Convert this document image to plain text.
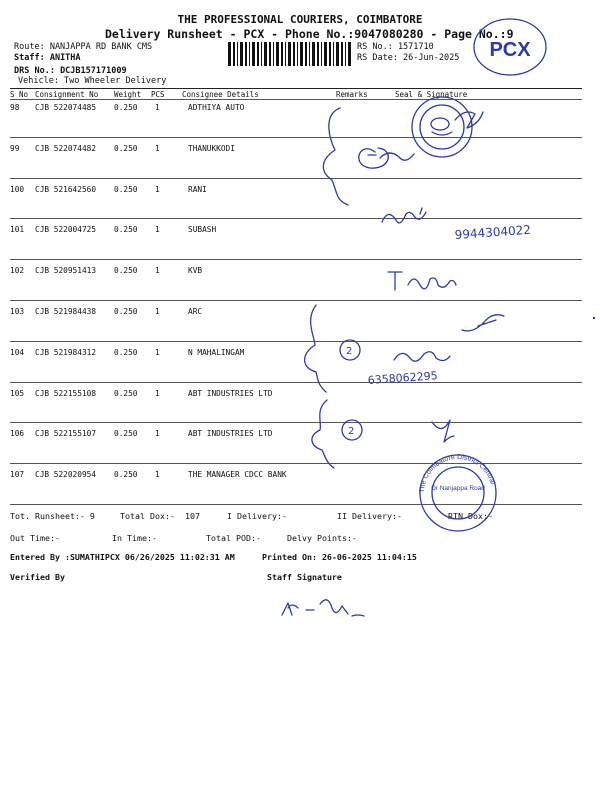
THE PROFESSIONAL COURIERS, COIMBATORE
Delivery Runsheet - PCX - Phone No.:9047080280 - Page No.:9
Route: NANJAPPA RD BANK CMS
Staff: ANITHA
DRS No.: DCJB157171009
Vehicle: Two Wheeler Delivery
RS No.: 1571710
RS Date: 26-Jun-2025
S No Consignment No Weight PCS Consignee Details	Remarks	Seal & Signature
98 CJB 522074485 0.250 1	ADTHIYA AUTO
99 CJB 522074482 0.250 1	THANUKKODI
100 CJB 521642560 0.250 1	RANI
101 CJB 522004725 0.250 1	SUBASH
102 CJB 520951413 0.250 1	KVB
103 CJB 521984438 0.250 1	ARC
104 CJB 521984312 0.250 1	N MAHALINGAM
105 CJB 522155108 0.250 1	ABT INDUSTRIES LTD
106 CJB 522155107 0.250 1	ABT INDUSTRIES LTD
107 CJB 522020954 0.250 1	THE MANAGER CDCC BANK
Tot. Runsheet:- 9	Total Dox:- 107	I Delivery:-	II Delivery:-	RTN Dox:-
Out Time:-	In Time:-	Total POD:-	Delvy Points:-
Entered By :SUMATHIPCX 06/26/2025 11:02:31 AM	Printed On: 26-06-2025 11:04:15
Verified By	Staff Signature
PCX
The Coimbatore District Central
Dr Nanjappa Road
9944304022
2
6358062295
2
